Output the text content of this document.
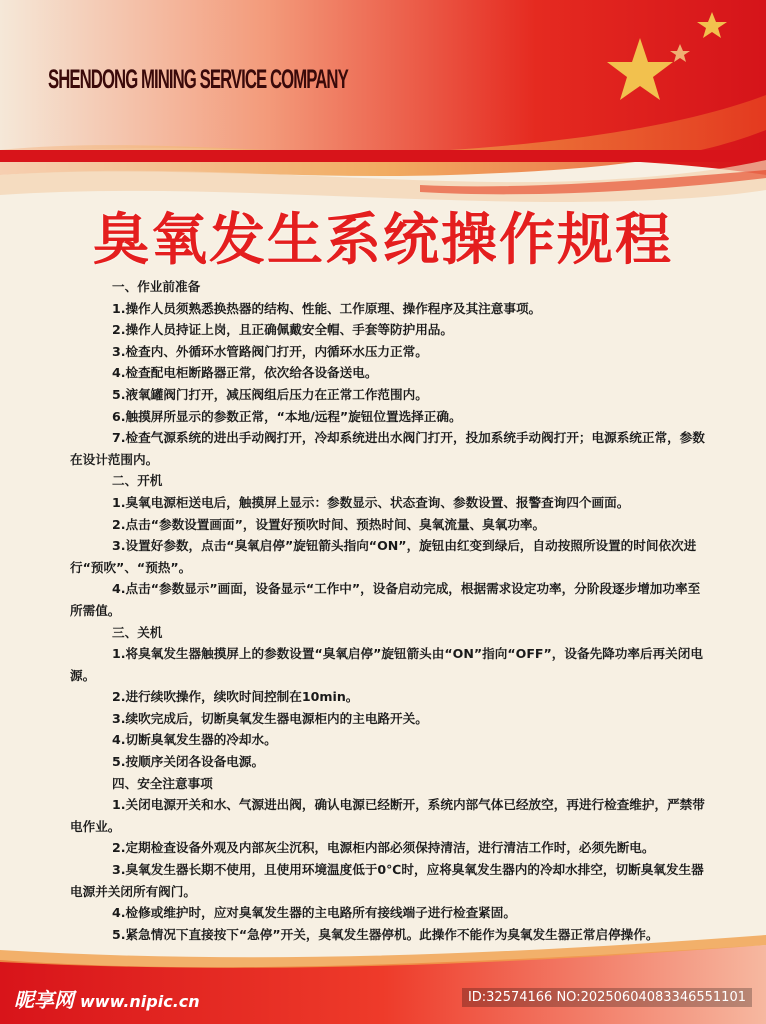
SHENDONG MINING SERVICE COMPANY
臭氧发生系统操作规程
一、作业前准备
1.操作人员须熟悉换热器的结构、性能、工作原理、操作程序及其注意事项。
2.操作人员持证上岗，且正确佩戴安全帽、手套等防护用品。
3.检查内、外循环水管路阀门打开，内循环水压力正常。
4.检查配电柜断路器正常，依次给各设备送电。
5.液氧罐阀门打开，减压阀组后压力在正常工作范围内。
6.触摸屏所显示的参数正常，“本地/远程”旋钮位置选择正确。
7.检查气源系统的进出手动阀打开，冷却系统进出水阀门打开，投加系统手动阀打开；电源系统正常，参数在设计范围内。
二、开机
1.臭氧电源柜送电后，触摸屏上显示：参数显示、状态查询、参数设置、报警查询四个画面。
2.点击“参数设置画面”，设置好预吹时间、预热时间、臭氧流量、臭氧功率。
3.设置好参数，点击“臭氧启停”旋钮箭头指向“ON”，旋钮由红变到绿后，自动按照所设置的时间依次进行“预吹”、“预热”。
4.点击“参数显示”画面，设备显示“工作中”，设备启动完成，根据需求设定功率，分阶段逐步增加功率至所需值。
三、关机
1.将臭氧发生器触摸屏上的参数设置“臭氧启停”旋钮箭头由“ON”指向“OFF”，设备先降功率后再关闭电源。
2.进行续吹操作，续吹时间控制在10min。
3.续吹完成后，切断臭氧发生器电源柜内的主电路开关。
4.切断臭氧发生器的冷却水。
5.按顺序关闭各设备电源。
四、安全注意事项
1.关闭电源开关和水、气源进出阀，确认电源已经断开，系统内部气体已经放空，再进行检查维护，严禁带电作业。
2.定期检查设备外观及内部灰尘沉积，电源柜内部必须保持清洁，进行清洁工作时，必须先断电。
3.臭氧发生器长期不使用，且使用环境温度低于0℃时，应将臭氧发生器内的冷却水排空，切断臭氧发生器电源并关闭所有阀门。
4.检修或维护时，应对臭氧发生器的主电路所有接线端子进行检查紧固。
5.紧急情况下直接按下“急停”开关，臭氧发生器停机。此操作不能作为臭氧发生器正常启停操作。
昵享网 www.nipic.cn	ID:32574166 NO:20250604083346551101
